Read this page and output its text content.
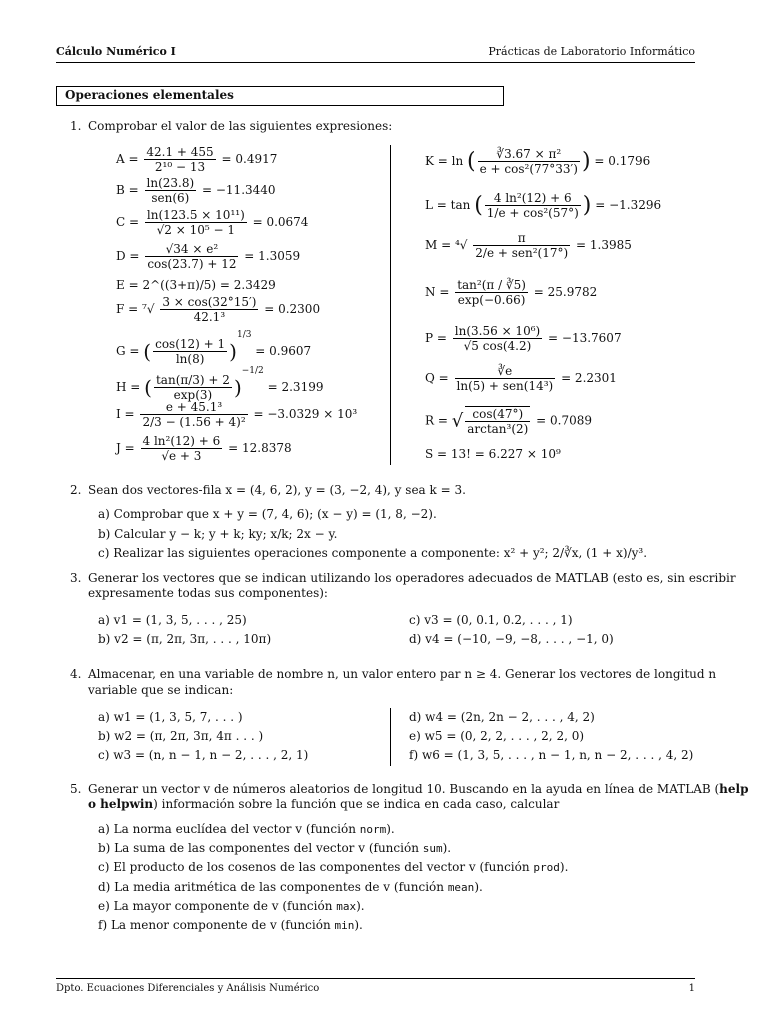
Cálculo Numérico I	Prácticas de Laboratorio Informático
Operaciones elementales
1. Comprobar el valor de las siguientes expresiones:
$A = \frac{42.1 + 455}{\text{2¹⁰ − 13}} = 0.4917$
$B = \frac{\ln(23.8)}{\text{sen(6)}} = -11.3440$
$C = \frac{\text{ln(123.5 × 10¹¹)}}{\text{√2 × 10⁵ − 1}} = 0.0674$
$D = \frac{\text{√34 × e²}}{\cos(23.7) + 12} = 1.3059$
E = 2^((3+π)/5) = 2.3429
$F = ^7√ \frac{3 \times \cos(32^\circ 15')}{\text{42.1³}} = 0.2300$
G = ( $\frac{\cos(12) + 1}{\ln(8)} )^{1/3} = 0.9607$
H = ( $\frac{\tan(\pi/3) + 2}{\exp(3)} )^{-1/2} = 2.3199$
$I = \frac{\text{e + 45.1³}}{\text{2/3 − (1.56 + 4)²}} = -3.0329 \times 10^3$
$J = \frac{\text{4 ln²(12) + 6}}{√e + 3} = 12.8378$
K = ln ( $\frac{\text{∛3.67 × π²}}{\text{e + cos²(77°33′)}}$ ) = 0.1796
L = tan ( $\frac{\text{4 ln²(12) + 6}}{\text{1/e + cos²(57°)}}$ ) = −1.3296
$M = ^4√ \frac{\pi}{\text{2/e + sen²(17°)}} = 1.3985$
$N = \frac{\text{tan²(π / ∛5)}}{\exp(-0.66)} = 25.9782$
$P = \frac{\text{ln(3.56 × 10⁶)}}{√5 \cos(4.2)} = -13.7607$
$Q = \frac{∛e}{\text{ln(5) + sen(14³)}} = 2.2301$
R = √ $\frac{\cos(47^\circ)}{\text{arctan³(2)}} = 0.7089$
S = 13! = 6.227 × 10⁹
2. Sean dos vectores-fila x = (4, 6, 2), y = (3, −2, 4), y sea k = 3.
a) Comprobar que x + y = (7, 4, 6); (x − y) = (1, 8, −2).
b) Calcular y − k; y + k; ky; x/k; 2x − y.
c) Realizar las siguientes operaciones componente a componente: x² + y²; 2/∛x, (1 + x)/y³.
3. Generar los vectores que se indican utilizando los operadores adecuados de MATLAB (esto es, sin escribir
expresamente todas sus componentes):
a) v1 = (1, 3, 5, . . . , 25)
b) v2 = (π, 2π, 3π, . . . , 10π)
c) v3 = (0, 0.1, 0.2, . . . , 1)
d) v4 = (−10, −9, −8, . . . , −1, 0)
4. Almacenar, en una variable de nombre n, un valor entero par n ≥ 4. Generar los vectores de longitud n
variable que se indican:
a) w1 = (1, 3, 5, 7, . . . )
b) w2 = (π, 2π, 3π, 4π . . . )
c) w3 = (n, n − 1, n − 2, . . . , 2, 1)
d) w4 = (2n, 2n − 2, . . . , 4, 2)
e) w5 = (0, 2, 2, . . . , 2, 2, 0)
f) w6 = (1, 3, 5, . . . , n − 1, n, n − 2, . . . , 4, 2)
5. Generar un vector v de números aleatorios de longitud 10. Buscando en la ayuda en línea de MATLAB (help
o helpwin) información sobre la función que se indica en cada caso, calcular
a) La norma euclídea del vector v (función norm).
b) La suma de las componentes del vector v (función sum).
c) El producto de los cosenos de las componentes del vector v (función prod).
d) La media aritmética de las componentes de v (función mean).
e) La mayor componente de v (función max).
f) La menor componente de v (función min).
Dpto. Ecuaciones Diferenciales y Análisis Numérico	1
